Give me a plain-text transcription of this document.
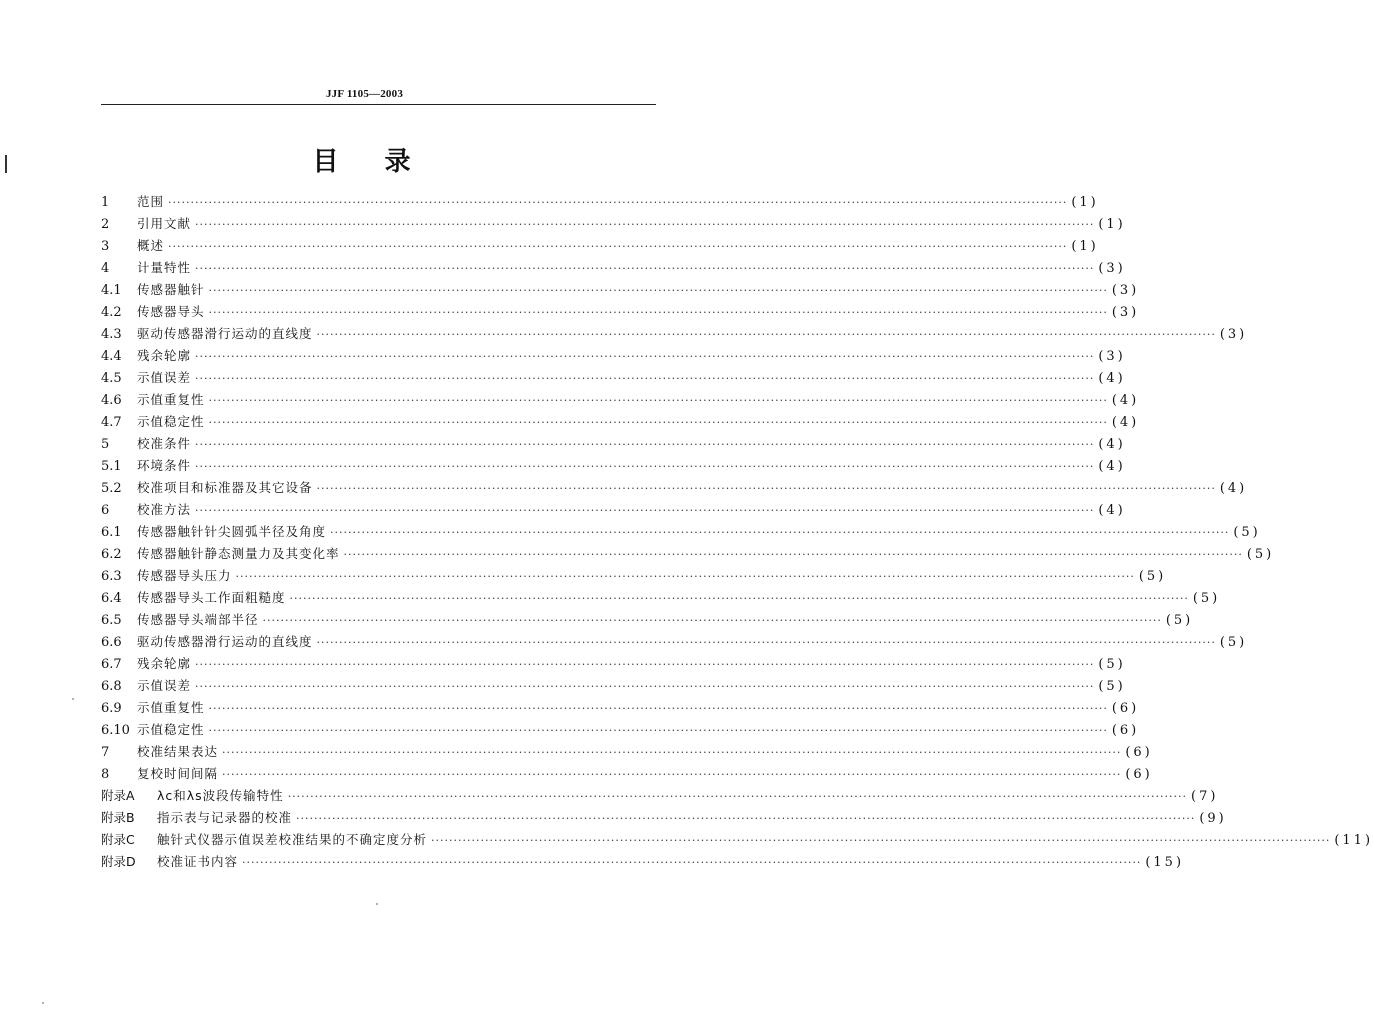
JJF 1105—2003
目录
1	范围 ········································································································································································································ (1)
2	引用文献 ········································································································································································································ (1)
3	概述 ········································································································································································································ (1)
4	计量特性 ········································································································································································································ (3)
4.1	传感器触针 ········································································································································································································ (3)
4.2	传感器导头 ········································································································································································································ (3)
4.3	驱动传感器滑行运动的直线度 ········································································································································································································ (3)
4.4	残余轮廓 ········································································································································································································ (3)
4.5	示值误差 ········································································································································································································ (4)
4.6	示值重复性 ········································································································································································································ (4)
4.7	示值稳定性 ········································································································································································································ (4)
5	校准条件 ········································································································································································································ (4)
5.1	环境条件 ········································································································································································································ (4)
5.2	校准项目和标准器及其它设备 ········································································································································································································ (4)
6	校准方法 ········································································································································································································ (4)
6.1	传感器触针针尖圆弧半径及角度 ········································································································································································································ (5)
6.2	传感器触针静态测量力及其变化率 ········································································································································································································ (5)
6.3	传感器导头压力 ········································································································································································································ (5)
6.4	传感器导头工作面粗糙度 ········································································································································································································ (5)
6.5	传感器导头端部半径 ········································································································································································································ (5)
6.6	驱动传感器滑行运动的直线度 ········································································································································································································ (5)
6.7	残余轮廓 ········································································································································································································ (5)
6.8	示值误差 ········································································································································································································ (5)
6.9	示值重复性 ········································································································································································································ (6)
6.10 示值稳定性 ········································································································································································································ (6)
7	校准结果表达 ········································································································································································································ (6)
8	复校时间间隔 ········································································································································································································ (6)
附录A	λc和λs波段传输特性 ········································································································································································································ (7)
附录B	指示表与记录器的校准 ········································································································································································································ (9)
附录C	触针式仪器示值误差校准结果的不确定度分析 ········································································································································································································ (11)
附录D	校准证书内容 ········································································································································································································ (15)
